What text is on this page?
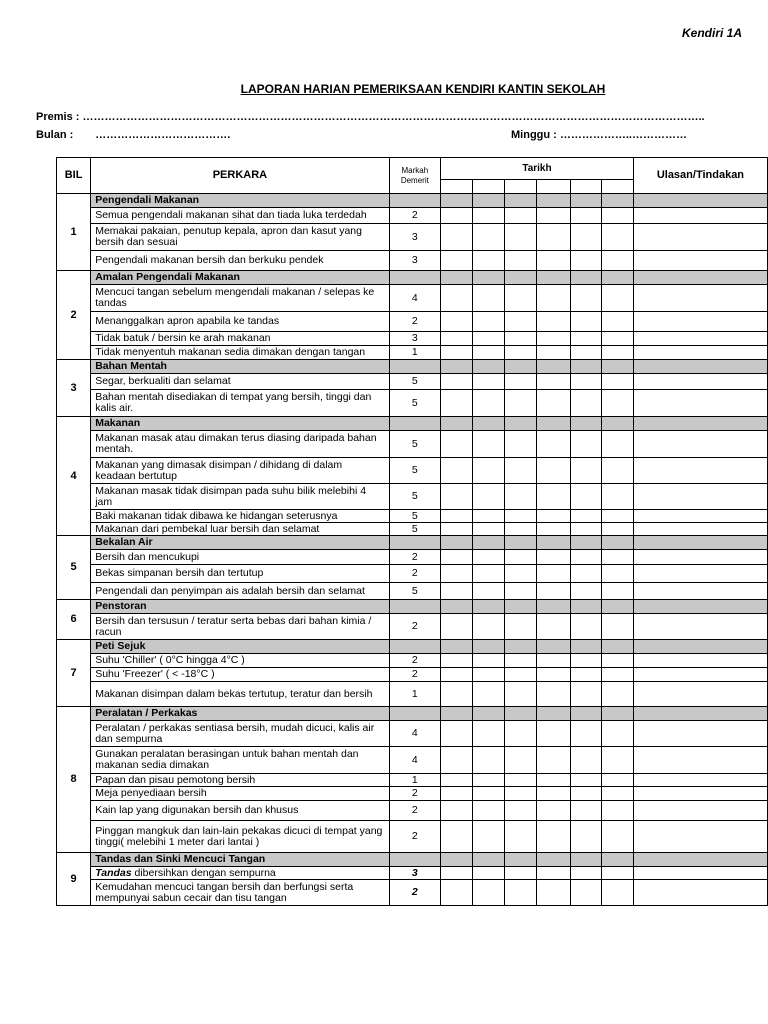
Kendiri 1A
LAPORAN HARIAN PEMERIKSAAN KENDIRI KANTIN SEKOLAH
Premis : ……………………………………………………………………………………………………………………………………………………..
Bulan : ……………………………….	Minggu : ………………..……………
BIL	PERKARA	Markah Demerit	Tarikh						Ulasan/Tindakan

1	Pengendali Makanan								
	Semua pengendali makanan sihat dan tiada luka terdedah	2							
	Memakai pakaian, penutup kepala, apron dan kasut yang bersih dan sesuai	3							
	Pengendali makanan bersih dan berkuku pendek	3							
2	Amalan Pengendali Makanan								
	Mencuci tangan sebelum mengendali makanan / selepas ke tandas	4							
	Menanggalkan apron apabila ke tandas	2							
	Tidak batuk / bersin ke arah makanan	3							
	Tidak menyentuh makanan sedia dimakan dengan tangan	1							
3	Bahan Mentah								
	Segar, berkualiti dan selamat	5							
	Bahan mentah disediakan di tempat yang bersih, tinggi dan kalis air.	5							
4	Makanan								
	Makanan masak atau dimakan terus diasing daripada bahan mentah.	5							
	Makanan yang dimasak disimpan / dihidang di dalam keadaan bertutup	5							
	Makanan masak tidak disimpan pada suhu bilik melebihi 4 jam	5							
	Baki makanan tidak dibawa ke hidangan seterusnya	5							
	Makanan dari pembekal luar bersih dan selamat	5							
5	Bekalan Air								
	Bersih dan mencukupi	2							
	Bekas simpanan bersih dan tertutup	2							
	Pengendali dan penyimpan ais adalah bersih dan selamat	5							
6	Penstoran								
	Bersih dan tersusun / teratur serta bebas dari bahan kimia / racun	2							
7	Peti Sejuk								
	Suhu 'Chiller' ( 0°C hingga 4°C )	2							
	Suhu 'Freezer' ( < -18°C )	2							
	Makanan disimpan dalam bekas tertutup, teratur dan bersih	1							
8	Peralatan / Perkakas								
	Peralatan / perkakas sentiasa bersih, mudah dicuci, kalis air dan sempurna	4							
	Gunakan peralatan berasingan untuk bahan mentah dan makanan sedia dimakan	4							
	Papan dan pisau pemotong bersih	1							
	Meja penyediaan bersih	2							
	Kain lap yang digunakan bersih dan khusus	2							
	Pinggan mangkuk dan lain-lain pekakas dicuci di tempat yang tinggi( melebihi 1 meter dari lantai )	2							
9	Tandas dan Sinki Mencuci Tangan								
	Tandas dibersihkan dengan sempurna	3							
	Kemudahan mencuci tangan bersih dan berfungsi serta mempunyai sabun cecair dan tisu tangan	2							
